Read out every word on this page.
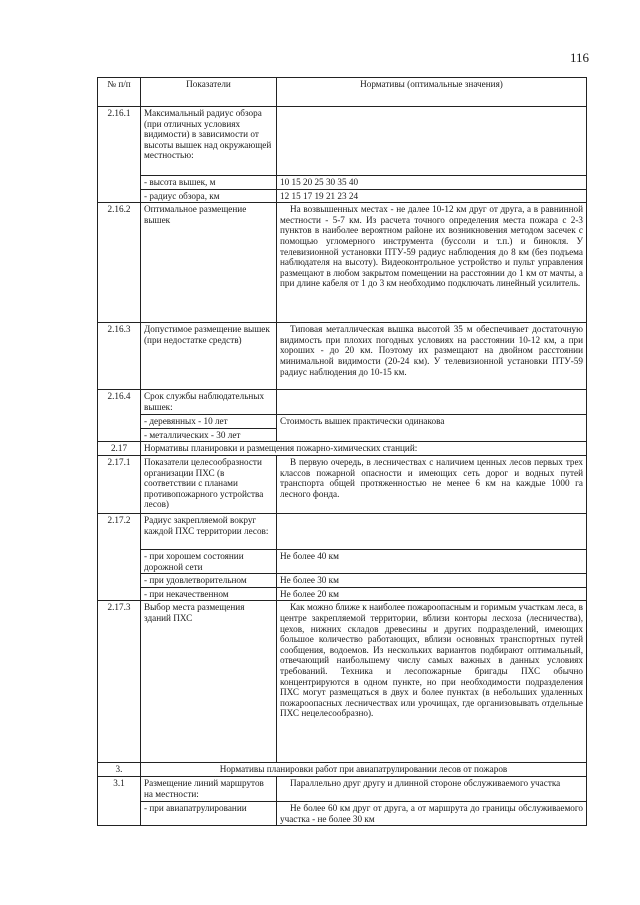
116
№ п/п	Показатели	Нормативы (оптимальные значения)
2.16.1	Максимальный радиус обзора (при отличных условиях видимости) в зависимости от высоты вышек над окружающей местностью:	
	- высота вышек, м	10 15 20 25 30 35 40
	- радиус обзора, км	12 15 17 19 21 23 24
2.16.2	Оптимальное размещение вышек	На возвышенных местах - не далее 10-12 км друг от друга, а в равнинной местности - 5-7 км. Из расчета точного определения места пожара с 2-3 пунктов в наиболее вероятном районе их возникновения методом засечек с помощью угломерного инструмента (буссоли и т.п.) и бинокля. У телевизионной установки ПТУ-59 радиус наблюдения до 8 км (без подъема наблюдателя на высоту). Видеоконтрольное устройство и пульт управления размещают в любом закрытом помещении на расстоянии до 1 км от мачты, а при длине кабеля от 1 до 3 км необходимо подключать линейный усилитель.
2.16.3	Допустимое размещение вышек (при недостатке средств)	Типовая металлическая вышка высотой 35 м обеспечивает достаточную видимость при плохих погодных условиях на расстоянии 10-12 км, а при хороших - до 20 км. Поэтому их размещают на двойном расстоянии минимальной видимости (20-24 км). У телевизионной установки ПТУ-59 радиус наблюдения до 10-15 км.
2.16.4	Срок службы наблюдательных вышек:	
	- деревянных - 10 лет	Стоимость вышек практически одинакова
	- металлических - 30 лет	
2.17	Нормативы планировки и размещения пожарно-химических станций:	
2.17.1	Показатели целесообразности организации ПХС (в соответствии с планами противопожарного устройства лесов)	В первую очередь, в лесничествах с наличием ценных лесов первых трех классов пожарной опасности и имеющих сеть дорог и водных путей транспорта общей протяженностью не менее 6 км на каждые 1000 га лесного фонда.
2.17.2	Радиус закрепляемой вокруг каждой ПХС территории лесов:	
	- при хорошем состоянии дорожной сети	Не более 40 км
	- при удовлетворительном	Не более 30 км
	- при некачественном	Не более 20 км
2.17.3	Выбор места размещения зданий ПХС	Как можно ближе к наиболее пожароопасным и горимым участкам леса, в центре закрепляемой территории, вблизи конторы лесхоза (лесничества), цехов, нижних складов древесины и других подразделений, имеющих большое количество работающих, вблизи основных транспортных путей сообщения, водоемов. Из нескольких вариантов подбирают оптимальный, отвечающий наибольшему числу самых важных в данных условиях требований. Техника и лесопожарные бригады ПХС обычно концентрируются в одном пункте, но при необходимости подразделения ПХС могут размещаться в двух и более пунктах (в небольших удаленных пожароопасных лесничествах или урочищах, где организовывать отдельные ПХС нецелесообразно).
3.	Нормативы планировки работ при авиапатрулировании лесов от пожаров	
3.1	Размещение линий маршрутов на местности:	Параллельно друг другу и длинной стороне обслуживаемого участка
	- при авиапатрулировании	Не более 60 км друг от друга, а от маршрута до границы обслуживаемого участка - не более 30 км
